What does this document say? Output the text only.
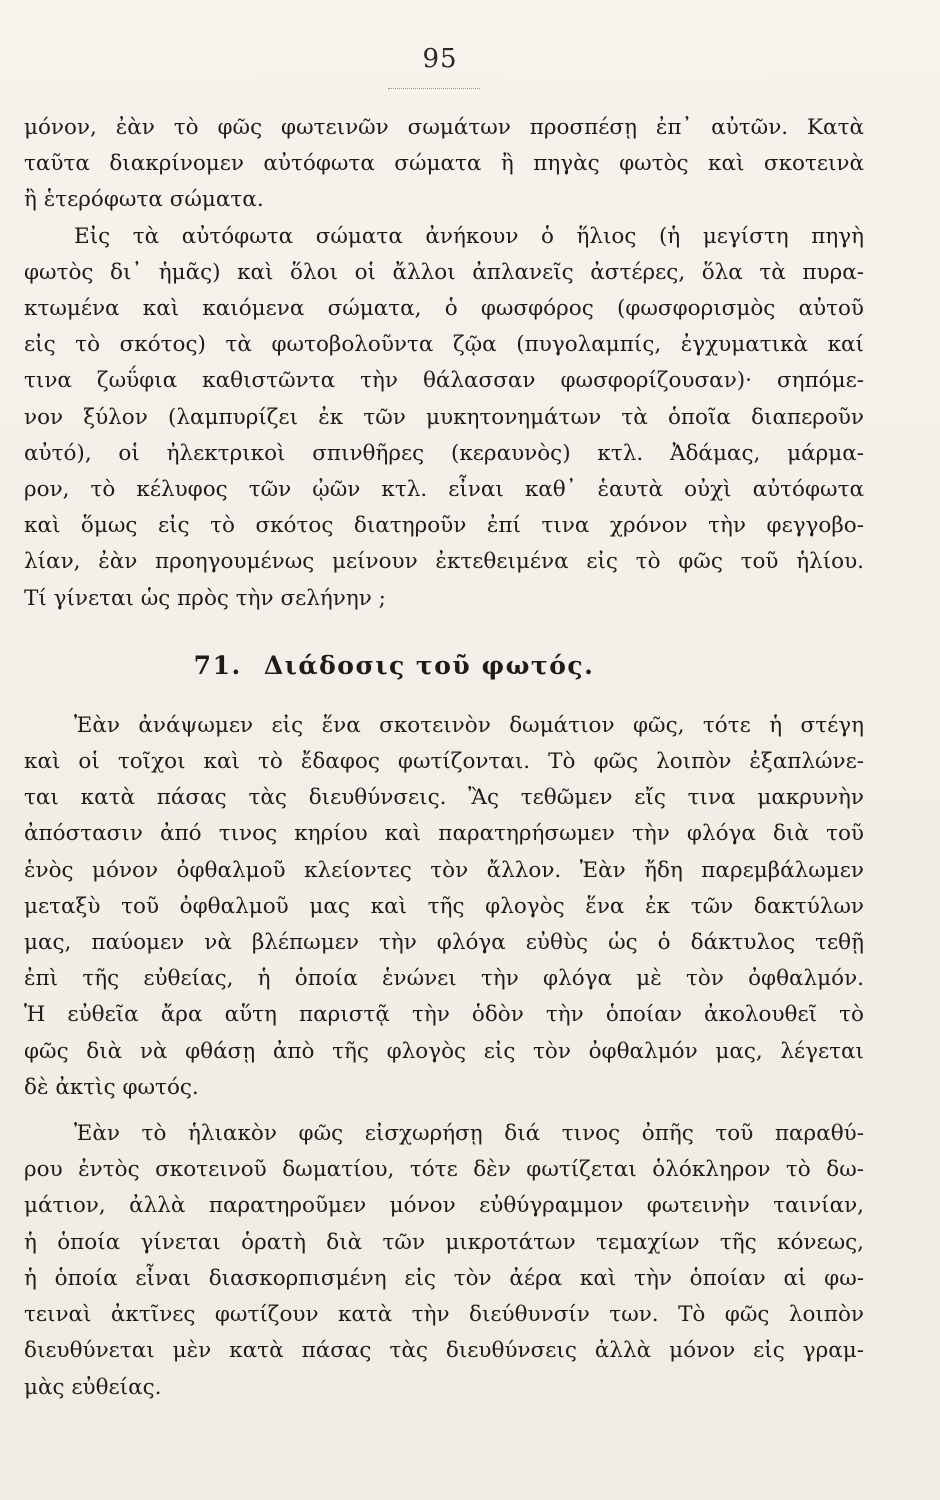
95

μόνον, ἐὰν τὸ φῶς φωτεινῶν σωμάτων προσπέσῃ ἐπ᾽ αὐτῶν. Κατὰ
ταῦτα διακρίνομεν αὐτόφωτα σώματα ἢ πηγὰς φωτὸς καὶ σκοτεινὰ
ἢ ἑτερόφωτα σώματα.

Εἰς τὰ αὐτόφωτα σώματα ἀνήκουν ὁ ἥλιος (ἡ μεγίστη πηγὴ
φωτὸς δι᾽ ἡμᾶς) καὶ ὅλοι οἱ ἄλλοι ἀπλανεῖς ἀστέρες, ὅλα τὰ πυρα-
κτωμένα καὶ καιόμενα σώματα, ὁ φωσφόρος (φωσφορισμὸς αὐτοῦ
εἰς τὸ σκότος) τὰ φωτοβολοῦντα ζῷα (πυγολαμπίς, ἐγχυματικὰ καί
τινα ζωΰφια καθιστῶντα τὴν θάλασσαν φωσφορίζουσαν)· σηπόμε-
νον ξύλον (λαμπυρίζει ἐκ τῶν μυκητονημάτων τὰ ὁποῖα διαπεροῦν
αὐτό), οἱ ἠλεκτρικοὶ σπινθῆρες (κεραυνὸς) κτλ. Ἀδάμας, μάρμα-
ρον, τὸ κέλυφος τῶν ᾠῶν κτλ. εἶναι καθ᾽ ἑαυτὰ οὐχὶ αὐτόφωτα
καὶ ὅμως εἰς τὸ σκότος διατηροῦν ἐπί τινα χρόνον τὴν φεγγοβο-
λίαν, ἐὰν προηγουμένως μείνουν ἐκτεθειμένα εἰς τὸ φῶς τοῦ ἡλίου.
Τί γίνεται ὡς πρὸς τὴν σελήνην ;

71. Διάδοσις τοῦ φωτός.

Ἐὰν ἀνάψωμεν εἰς ἕνα σκοτεινὸν δωμάτιον φῶς, τότε ἡ στέγη
καὶ οἱ τοῖχοι καὶ τὸ ἔδαφος φωτίζονται. Τὸ φῶς λοιπὸν ἐξαπλώνε-
ται κατὰ πάσας τὰς διευθύνσεις. Ἂς τεθῶμεν εἴς τινα μακρυνὴν
ἀπόστασιν ἀπό τινος κηρίου καὶ παρατηρήσωμεν τὴν φλόγα διὰ τοῦ
ἑνὸς μόνον ὀφθαλμοῦ κλείοντες τὸν ἄλλον. Ἐὰν ἤδη παρεμβάλωμεν
μεταξὺ τοῦ ὀφθαλμοῦ μας καὶ τῆς φλογὸς ἕνα ἐκ τῶν δακτύλων
μας, παύομεν νὰ βλέπωμεν τὴν φλόγα εὐθὺς ὡς ὁ δάκτυλος τεθῇ
ἐπὶ τῆς εὐθείας, ἡ ὁποία ἑνώνει τὴν φλόγα μὲ τὸν ὀφθαλμόν.
Ἡ εὐθεῖα ἄρα αὕτη παριστᾷ τὴν ὁδὸν τὴν ὁποίαν ἀκολουθεῖ τὸ
φῶς διὰ νὰ φθάσῃ ἀπὸ τῆς φλογὸς εἰς τὸν ὀφθαλμόν μας, λέγεται
δὲ ἀκτὶς φωτός.

Ἐὰν τὸ ἡλιακὸν φῶς εἰσχωρήσῃ διά τινος ὀπῆς τοῦ παραθύ-
ρου ἐντὸς σκοτεινοῦ δωματίου, τότε δὲν φωτίζεται ὁλόκληρον τὸ δω-
μάτιον, ἀλλὰ παρατηροῦμεν μόνον εὐθύγραμμον φωτεινὴν ταινίαν,
ἡ ὁποία γίνεται ὁρατὴ διὰ τῶν μικροτάτων τεμαχίων τῆς κόνεως,
ἡ ὁποία εἶναι διασκορπισμένη εἰς τὸν ἀέρα καὶ τὴν ὁποίαν αἱ φω-
τειναὶ ἀκτῖνες φωτίζουν κατὰ τὴν διεύθυνσίν των. Τὸ φῶς λοιπὸν
διευθύνεται μὲν κατὰ πάσας τὰς διευθύνσεις ἀλλὰ μόνον εἰς γραμ-
μὰς εὐθείας.
